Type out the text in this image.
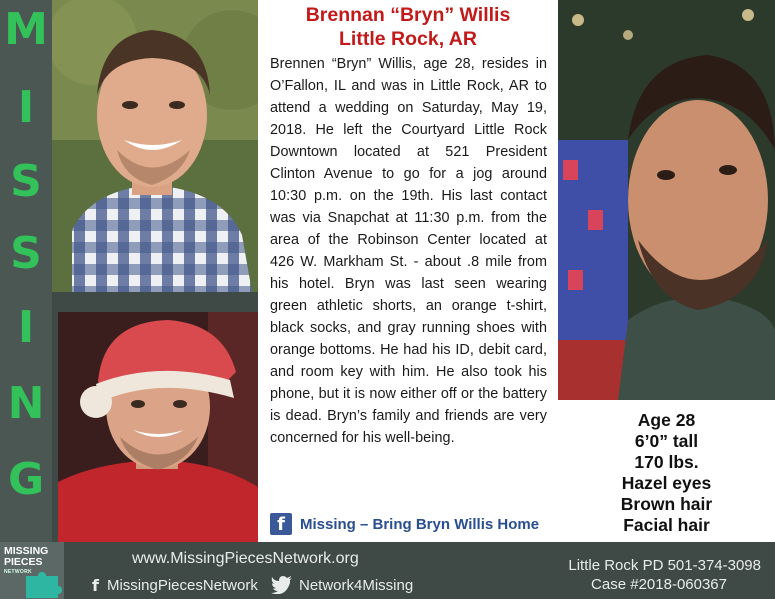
M
I
S
S
I
N
G
Brennan “Bryn” Willis
Little Rock, AR

Brennen “Bryn” Willis, age 28, resides in O’Fallon, IL and was in Little Rock, AR to attend a wedding on Saturday, May 19, 2018. He left the Courtyard Little Rock Downtown located at 521 President Clinton Avenue to go for a jog around 10:30 p.m. on the 19th. His last contact was via Snapchat at 11:30 p.m. from the area of the Robinson Center located at 426 W. Markham St. - about .8 mile from his hotel. Bryn was last seen wearing green athletic shorts, an orange t-shirt, black socks, and gray running shoes with orange bottoms. He had his ID, debit card, and room key with him. He also took his phone, but it is now either off or the battery is dead. Bryn’s family and friends are very concerned for his well-being.

f	Missing – Bring Bryn Willis Home
Age 28
6’0” tall
170 lbs.
Hazel eyes
Brown hair
Facial hair
MISSING
PIECES
NETWORK
www.MissingPiecesNetwork.org
f MissingPiecesNetwork	Network4Missing
Little Rock PD 501-374-3098
Case #2018-060367
